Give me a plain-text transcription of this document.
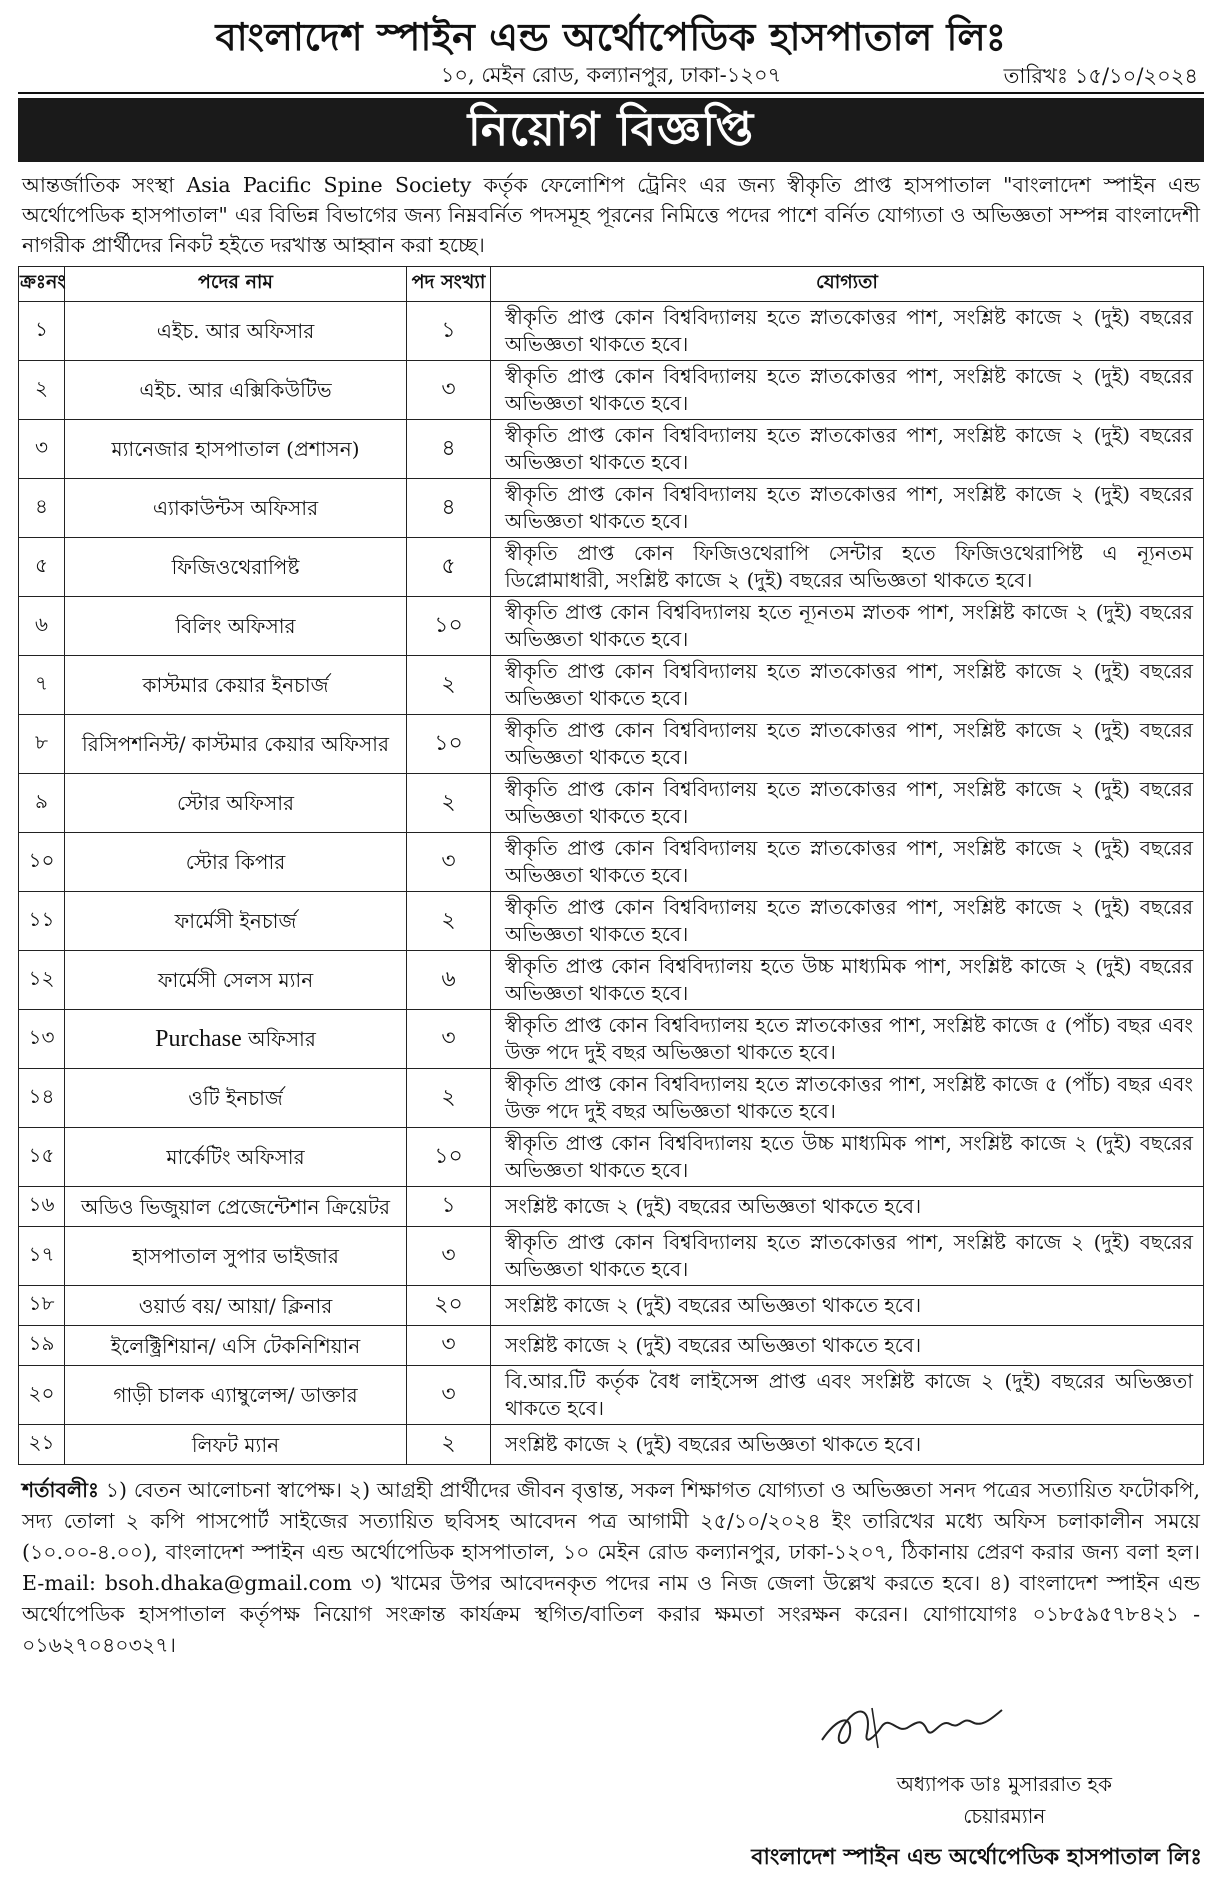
বাংলাদেশ স্পাইন এন্ড অর্থোপেডিক হাসপাতাল লিঃ
১০, মেইন রোড, কল্যানপুর, ঢাকা-১২০৭	তারিখঃ ১৫/১০/২০২৪
নিয়োগ বিজ্ঞপ্তি
আন্তর্জাতিক সংস্থা Asia Pacific Spine Society কর্তৃক ফেলোশিপ ট্রেনিং এর জন্য স্বীকৃতি প্রাপ্ত হাসপাতাল "বাংলাদেশ স্পাইন এন্ড অর্থোপেডিক হাসপাতাল" এর বিভিন্ন বিভাগের জন্য নিম্নবর্নিত পদসমূহ পূরনের নিমিত্তে পদের পাশে বর্নিত যোগ্যতা ও অভিজ্ঞতা সম্পন্ন বাংলাদেশী নাগরীক প্রার্থীদের নিকট হইতে দরখাস্ত আহ্বান করা হচ্ছে।
ক্রঃনং	পদের নাম	পদ সংখ্যা	যোগ্যতা
১	এইচ. আর অফিসার	১	স্বীকৃতি প্রাপ্ত কোন বিশ্ববিদ্যালয় হতে স্নাতকোত্তর পাশ, সংশ্লিষ্ট কাজে ২ (দুই) বছরের অভিজ্ঞতা থাকতে হবে।
২	এইচ. আর এক্সিকিউটিভ	৩	স্বীকৃতি প্রাপ্ত কোন বিশ্ববিদ্যালয় হতে স্নাতকোত্তর পাশ, সংশ্লিষ্ট কাজে ২ (দুই) বছরের অভিজ্ঞতা থাকতে হবে।
৩	ম্যানেজার হাসপাতাল (প্রশাসন)	৪	স্বীকৃতি প্রাপ্ত কোন বিশ্ববিদ্যালয় হতে স্নাতকোত্তর পাশ, সংশ্লিষ্ট কাজে ২ (দুই) বছরের অভিজ্ঞতা থাকতে হবে।
৪	এ্যাকাউন্টস অফিসার	৪	স্বীকৃতি প্রাপ্ত কোন বিশ্ববিদ্যালয় হতে স্নাতকোত্তর পাশ, সংশ্লিষ্ট কাজে ২ (দুই) বছরের অভিজ্ঞতা থাকতে হবে।
৫	ফিজিওথেরাপিষ্ট	৫	স্বীকৃতি প্রাপ্ত কোন ফিজিওথেরাপি সেন্টার হতে ফিজিওথেরাপিষ্ট এ ন্যূনতম ডিপ্লোমাধারী, সংশ্লিষ্ট কাজে ২ (দুই) বছরের অভিজ্ঞতা থাকতে হবে।
৬	বিলিং অফিসার	১০	স্বীকৃতি প্রাপ্ত কোন বিশ্ববিদ্যালয় হতে ন্যূনতম স্নাতক পাশ, সংশ্লিষ্ট কাজে ২ (দুই) বছরের অভিজ্ঞতা থাকতে হবে।
৭	কাস্টমার কেয়ার ইনচার্জ	২	স্বীকৃতি প্রাপ্ত কোন বিশ্ববিদ্যালয় হতে স্নাতকোত্তর পাশ, সংশ্লিষ্ট কাজে ২ (দুই) বছরের অভিজ্ঞতা থাকতে হবে।
৮	রিসিপশনিস্ট/ কাস্টমার কেয়ার অফিসার	১০	স্বীকৃতি প্রাপ্ত কোন বিশ্ববিদ্যালয় হতে স্নাতকোত্তর পাশ, সংশ্লিষ্ট কাজে ২ (দুই) বছরের অভিজ্ঞতা থাকতে হবে।
৯	স্টোর অফিসার	২	স্বীকৃতি প্রাপ্ত কোন বিশ্ববিদ্যালয় হতে স্নাতকোত্তর পাশ, সংশ্লিষ্ট কাজে ২ (দুই) বছরের অভিজ্ঞতা থাকতে হবে।
১০	স্টোর কিপার	৩	স্বীকৃতি প্রাপ্ত কোন বিশ্ববিদ্যালয় হতে স্নাতকোত্তর পাশ, সংশ্লিষ্ট কাজে ২ (দুই) বছরের অভিজ্ঞতা থাকতে হবে।
১১	ফার্মেসী ইনচার্জ	২	স্বীকৃতি প্রাপ্ত কোন বিশ্ববিদ্যালয় হতে স্নাতকোত্তর পাশ, সংশ্লিষ্ট কাজে ২ (দুই) বছরের অভিজ্ঞতা থাকতে হবে।
১২	ফার্মেসী সেলস ম্যান	৬	স্বীকৃতি প্রাপ্ত কোন বিশ্ববিদ্যালয় হতে উচ্চ মাধ্যমিক পাশ, সংশ্লিষ্ট কাজে ২ (দুই) বছরের অভিজ্ঞতা থাকতে হবে।
১৩	Purchase অফিসার	৩	স্বীকৃতি প্রাপ্ত কোন বিশ্ববিদ্যালয় হতে স্নাতকোত্তর পাশ, সংশ্লিষ্ট কাজে ৫ (পাঁচ) বছর এবং উক্ত পদে দুই বছর অভিজ্ঞতা থাকতে হবে।
১৪	ওটি ইনচার্জ	২	স্বীকৃতি প্রাপ্ত কোন বিশ্ববিদ্যালয় হতে স্নাতকোত্তর পাশ, সংশ্লিষ্ট কাজে ৫ (পাঁচ) বছর এবং উক্ত পদে দুই বছর অভিজ্ঞতা থাকতে হবে।
১৫	মার্কেটিং অফিসার	১০	স্বীকৃতি প্রাপ্ত কোন বিশ্ববিদ্যালয় হতে উচ্চ মাধ্যমিক পাশ, সংশ্লিষ্ট কাজে ২ (দুই) বছরের অভিজ্ঞতা থাকতে হবে।
১৬	অডিও ভিজুয়াল প্রেজেন্টেশান ক্রিয়েটর	১	সংশ্লিষ্ট কাজে ২ (দুই) বছরের অভিজ্ঞতা থাকতে হবে।
১৭	হাসপাতাল সুপার ভাইজার	৩	স্বীকৃতি প্রাপ্ত কোন বিশ্ববিদ্যালয় হতে স্নাতকোত্তর পাশ, সংশ্লিষ্ট কাজে ২ (দুই) বছরের অভিজ্ঞতা থাকতে হবে।
১৮	ওয়ার্ড বয়/ আয়া/ ক্লিনার	২০	সংশ্লিষ্ট কাজে ২ (দুই) বছরের অভিজ্ঞতা থাকতে হবে।
১৯	ইলেক্ট্রিশিয়ান/ এসি টেকনিশিয়ান	৩	সংশ্লিষ্ট কাজে ২ (দুই) বছরের অভিজ্ঞতা থাকতে হবে।
২০	গাড়ী চালক এ্যাম্বুলেন্স/ ডাক্তার	৩	বি.আর.টি কর্তৃক বৈধ লাইসেন্স প্রাপ্ত এবং সংশ্লিষ্ট কাজে ২ (দুই) বছরের অভিজ্ঞতা থাকতে হবে।
২১	লিফট ম্যান	২	সংশ্লিষ্ট কাজে ২ (দুই) বছরের অভিজ্ঞতা থাকতে হবে।
শর্তাবলীঃ ১) বেতন আলোচনা স্বাপেক্ষ। ২) আগ্রহী প্রার্থীদের জীবন বৃত্তান্ত, সকল শিক্ষাগত যোগ্যতা ও অভিজ্ঞতা সনদ পত্রের সত্যায়িত ফটোকপি, সদ্য তোলা ২ কপি পাসপোর্ট সাইজের সত্যায়িত ছবিসহ আবেদন পত্র আগামী ২৫/১০/২০২৪ ইং তারিখের মধ্যে অফিস চলাকালীন সময়ে (১০.০০-৪.০০), বাংলাদেশ স্পাইন এন্ড অর্থোপেডিক হাসপাতাল, ১০ মেইন রোড কল্যানপুর, ঢাকা-১২০৭, ঠিকানায় প্রেরণ করার জন্য বলা হল। E-mail: bsoh.dhaka@gmail.com ৩) খামের উপর আবেদনকৃত পদের নাম ও নিজ জেলা উল্লেখ করতে হবে। ৪) বাংলাদেশ স্পাইন এন্ড অর্থোপেডিক হাসপাতাল কর্তৃপক্ষ নিয়োগ সংক্রান্ত কার্যক্রম স্থগিত/বাতিল করার ক্ষমতা সংরক্ষন করেন। যোগাযোগঃ ০১৮৫৯৫৭৮৪২১ - ০১৬২৭০৪০৩২৭।
অধ্যাপক ডাঃ মুসাররাত হক
চেয়ারম্যান
বাংলাদেশ স্পাইন এন্ড অর্থোপেডিক হাসপাতাল লিঃ
